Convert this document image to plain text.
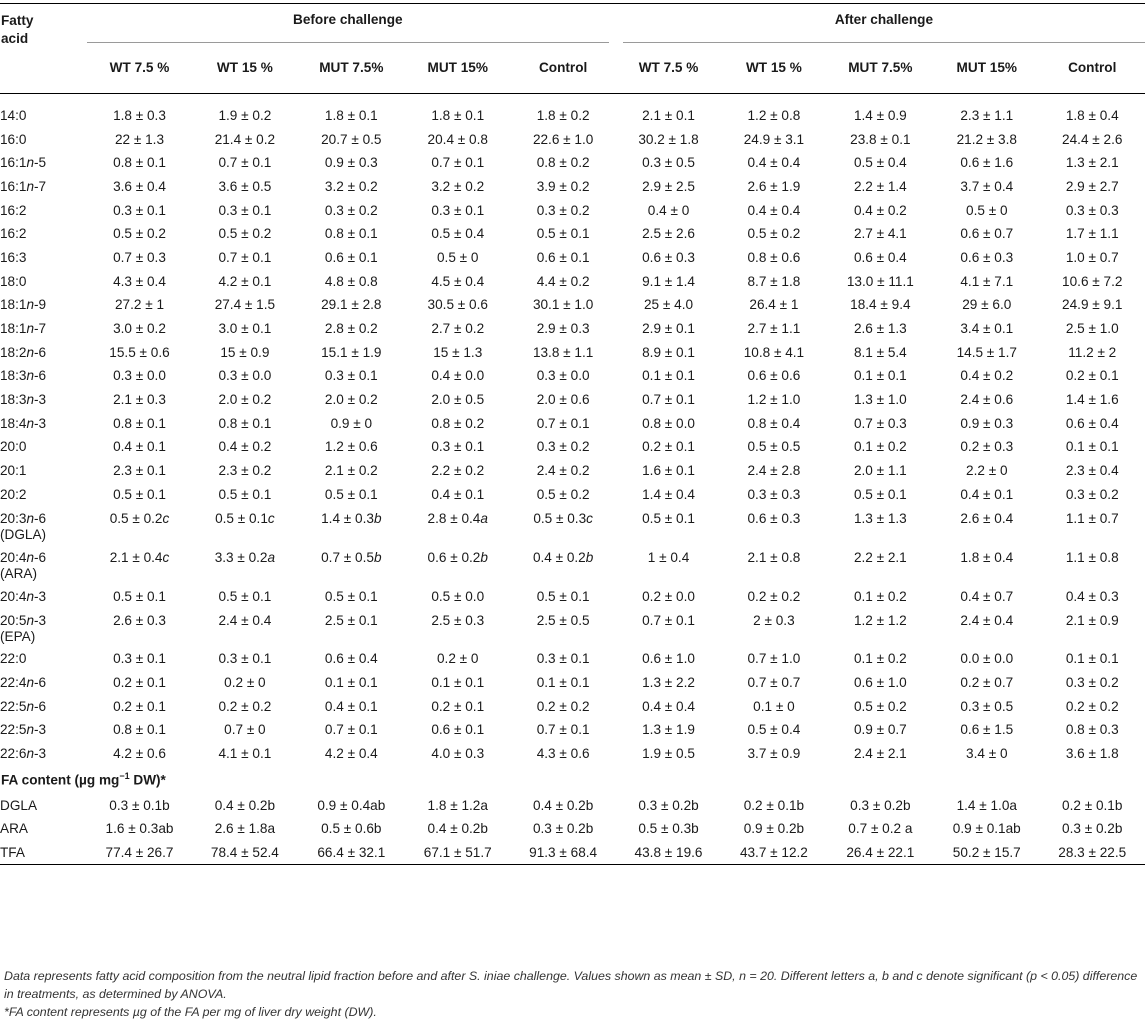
Fatty
acid	Before challenge					After challenge				
	WT 7.5 %	WT 15 %	MUT 7.5%	MUT 15%	Control	WT 7.5 %	WT 15 %	MUT 7.5%	MUT 15%	Control

14:0	1.8 ± 0.3	1.9 ± 0.2	1.8 ± 0.1	1.8 ± 0.1	1.8 ± 0.2	2.1 ± 0.1	1.2 ± 0.8	1.4 ± 0.9	2.3 ± 1.1	1.8 ± 0.4
16:0	22 ± 1.3	21.4 ± 0.2	20.7 ± 0.5	20.4 ± 0.8	22.6 ± 1.0	30.2 ± 1.8	24.9 ± 3.1	23.8 ± 0.1	21.2 ± 3.8	24.4 ± 2.6
16:1n-5	0.8 ± 0.1	0.7 ± 0.1	0.9 ± 0.3	0.7 ± 0.1	0.8 ± 0.2	0.3 ± 0.5	0.4 ± 0.4	0.5 ± 0.4	0.6 ± 1.6	1.3 ± 2.1
16:1n-7	3.6 ± 0.4	3.6 ± 0.5	3.2 ± 0.2	3.2 ± 0.2	3.9 ± 0.2	2.9 ± 2.5	2.6 ± 1.9	2.2 ± 1.4	3.7 ± 0.4	2.9 ± 2.7
16:2	0.3 ± 0.1	0.3 ± 0.1	0.3 ± 0.2	0.3 ± 0.1	0.3 ± 0.2	0.4 ± 0	0.4 ± 0.4	0.4 ± 0.2	0.5 ± 0	0.3 ± 0.3
16:2	0.5 ± 0.2	0.5 ± 0.2	0.8 ± 0.1	0.5 ± 0.4	0.5 ± 0.1	2.5 ± 2.6	0.5 ± 0.2	2.7 ± 4.1	0.6 ± 0.7	1.7 ± 1.1
16:3	0.7 ± 0.3	0.7 ± 0.1	0.6 ± 0.1	0.5 ± 0	0.6 ± 0.1	0.6 ± 0.3	0.8 ± 0.6	0.6 ± 0.4	0.6 ± 0.3	1.0 ± 0.7
18:0	4.3 ± 0.4	4.2 ± 0.1	4.8 ± 0.8	4.5 ± 0.4	4.4 ± 0.2	9.1 ± 1.4	8.7 ± 1.8	13.0 ± 11.1	4.1 ± 7.1	10.6 ± 7.2
18:1n-9	27.2 ± 1	27.4 ± 1.5	29.1 ± 2.8	30.5 ± 0.6	30.1 ± 1.0	25 ± 4.0	26.4 ± 1	18.4 ± 9.4	29 ± 6.0	24.9 ± 9.1
18:1n-7	3.0 ± 0.2	3.0 ± 0.1	2.8 ± 0.2	2.7 ± 0.2	2.9 ± 0.3	2.9 ± 0.1	2.7 ± 1.1	2.6 ± 1.3	3.4 ± 0.1	2.5 ± 1.0
18:2n-6	15.5 ± 0.6	15 ± 0.9	15.1 ± 1.9	15 ± 1.3	13.8 ± 1.1	8.9 ± 0.1	10.8 ± 4.1	8.1 ± 5.4	14.5 ± 1.7	11.2 ± 2
18:3n-6	0.3 ± 0.0	0.3 ± 0.0	0.3 ± 0.1	0.4 ± 0.0	0.3 ± 0.0	0.1 ± 0.1	0.6 ± 0.6	0.1 ± 0.1	0.4 ± 0.2	0.2 ± 0.1
18:3n-3	2.1 ± 0.3	2.0 ± 0.2	2.0 ± 0.2	2.0 ± 0.5	2.0 ± 0.6	0.7 ± 0.1	1.2 ± 1.0	1.3 ± 1.0	2.4 ± 0.6	1.4 ± 1.6
18:4n-3	0.8 ± 0.1	0.8 ± 0.1	0.9 ± 0	0.8 ± 0.2	0.7 ± 0.1	0.8 ± 0.0	0.8 ± 0.4	0.7 ± 0.3	0.9 ± 0.3	0.6 ± 0.4
20:0	0.4 ± 0.1	0.4 ± 0.2	1.2 ± 0.6	0.3 ± 0.1	0.3 ± 0.2	0.2 ± 0.1	0.5 ± 0.5	0.1 ± 0.2	0.2 ± 0.3	0.1 ± 0.1
20:1	2.3 ± 0.1	2.3 ± 0.2	2.1 ± 0.2	2.2 ± 0.2	2.4 ± 0.2	1.6 ± 0.1	2.4 ± 2.8	2.0 ± 1.1	2.2 ± 0	2.3 ± 0.4
20:2	0.5 ± 0.1	0.5 ± 0.1	0.5 ± 0.1	0.4 ± 0.1	0.5 ± 0.2	1.4 ± 0.4	0.3 ± 0.3	0.5 ± 0.1	0.4 ± 0.1	0.3 ± 0.2
20:3n-6	0.5 ± 0.2c	0.5 ± 0.1c	1.4 ± 0.3b	2.8 ± 0.4a	0.5 ± 0.3c	0.5 ± 0.1	0.6 ± 0.3	1.3 ± 1.3	2.6 ± 0.4	1.1 ± 0.7
(DGLA)										
20:4n-6	2.1 ± 0.4c	3.3 ± 0.2a	0.7 ± 0.5b	0.6 ± 0.2b	0.4 ± 0.2b	1 ± 0.4	2.1 ± 0.8	2.2 ± 2.1	1.8 ± 0.4	1.1 ± 0.8
(ARA)										
20:4n-3	0.5 ± 0.1	0.5 ± 0.1	0.5 ± 0.1	0.5 ± 0.0	0.5 ± 0.1	0.2 ± 0.0	0.2 ± 0.2	0.1 ± 0.2	0.4 ± 0.7	0.4 ± 0.3
20:5n-3	2.6 ± 0.3	2.4 ± 0.4	2.5 ± 0.1	2.5 ± 0.3	2.5 ± 0.5	0.7 ± 0.1	2 ± 0.3	1.2 ± 1.2	2.4 ± 0.4	2.1 ± 0.9
(EPA)										
22:0	0.3 ± 0.1	0.3 ± 0.1	0.6 ± 0.4	0.2 ± 0	0.3 ± 0.1	0.6 ± 1.0	0.7 ± 1.0	0.1 ± 0.2	0.0 ± 0.0	0.1 ± 0.1
22:4n-6	0.2 ± 0.1	0.2 ± 0	0.1 ± 0.1	0.1 ± 0.1	0.1 ± 0.1	1.3 ± 2.2	0.7 ± 0.7	0.6 ± 1.0	0.2 ± 0.7	0.3 ± 0.2
22:5n-6	0.2 ± 0.1	0.2 ± 0.2	0.4 ± 0.1	0.2 ± 0.1	0.2 ± 0.2	0.4 ± 0.4	0.1 ± 0	0.5 ± 0.2	0.3 ± 0.5	0.2 ± 0.2
22:5n-3	0.8 ± 0.1	0.7 ± 0	0.7 ± 0.1	0.6 ± 0.1	0.7 ± 0.1	1.3 ± 1.9	0.5 ± 0.4	0.9 ± 0.7	0.6 ± 1.5	0.8 ± 0.3
22:6n-3	4.2 ± 0.6	4.1 ± 0.1	4.2 ± 0.4	4.0 ± 0.3	4.3 ± 0.6	1.9 ± 0.5	3.7 ± 0.9	2.4 ± 2.1	3.4 ± 0	3.6 ± 1.8
FA content (µg $mg^{-1}$ DW)*										
DGLA	0.3 ± 0.1b	0.4 ± 0.2b	0.9 ± 0.4ab	1.8 ± 1.2a	0.4 ± 0.2b	0.3 ± 0.2b	0.2 ± 0.1b	0.3 ± 0.2b	1.4 ± 1.0a	0.2 ± 0.1b
ARA	1.6 ± 0.3ab	2.6 ± 1.8a	0.5 ± 0.6b	0.4 ± 0.2b	0.3 ± 0.2b	0.5 ± 0.3b	0.9 ± 0.2b	0.7 ± 0.2 a	0.9 ± 0.1ab	0.3 ± 0.2b
TFA	77.4 ± 26.7	78.4 ± 52.4	66.4 ± 32.1	67.1 ± 51.7	91.3 ± 68.4	43.8 ± 19.6	43.7 ± 12.2	26.4 ± 22.1	50.2 ± 15.7	28.3 ± 22.5

Data represents fatty acid composition from the neutral lipid fraction before and after S. iniae challenge. Values shown as mean ± SD, n = 20. Different letters a, b and c denote significant (p < 0.05) difference in treatments, as determined by ANOVA.

*FA content represents µg of the FA per mg of liver dry weight (DW).
